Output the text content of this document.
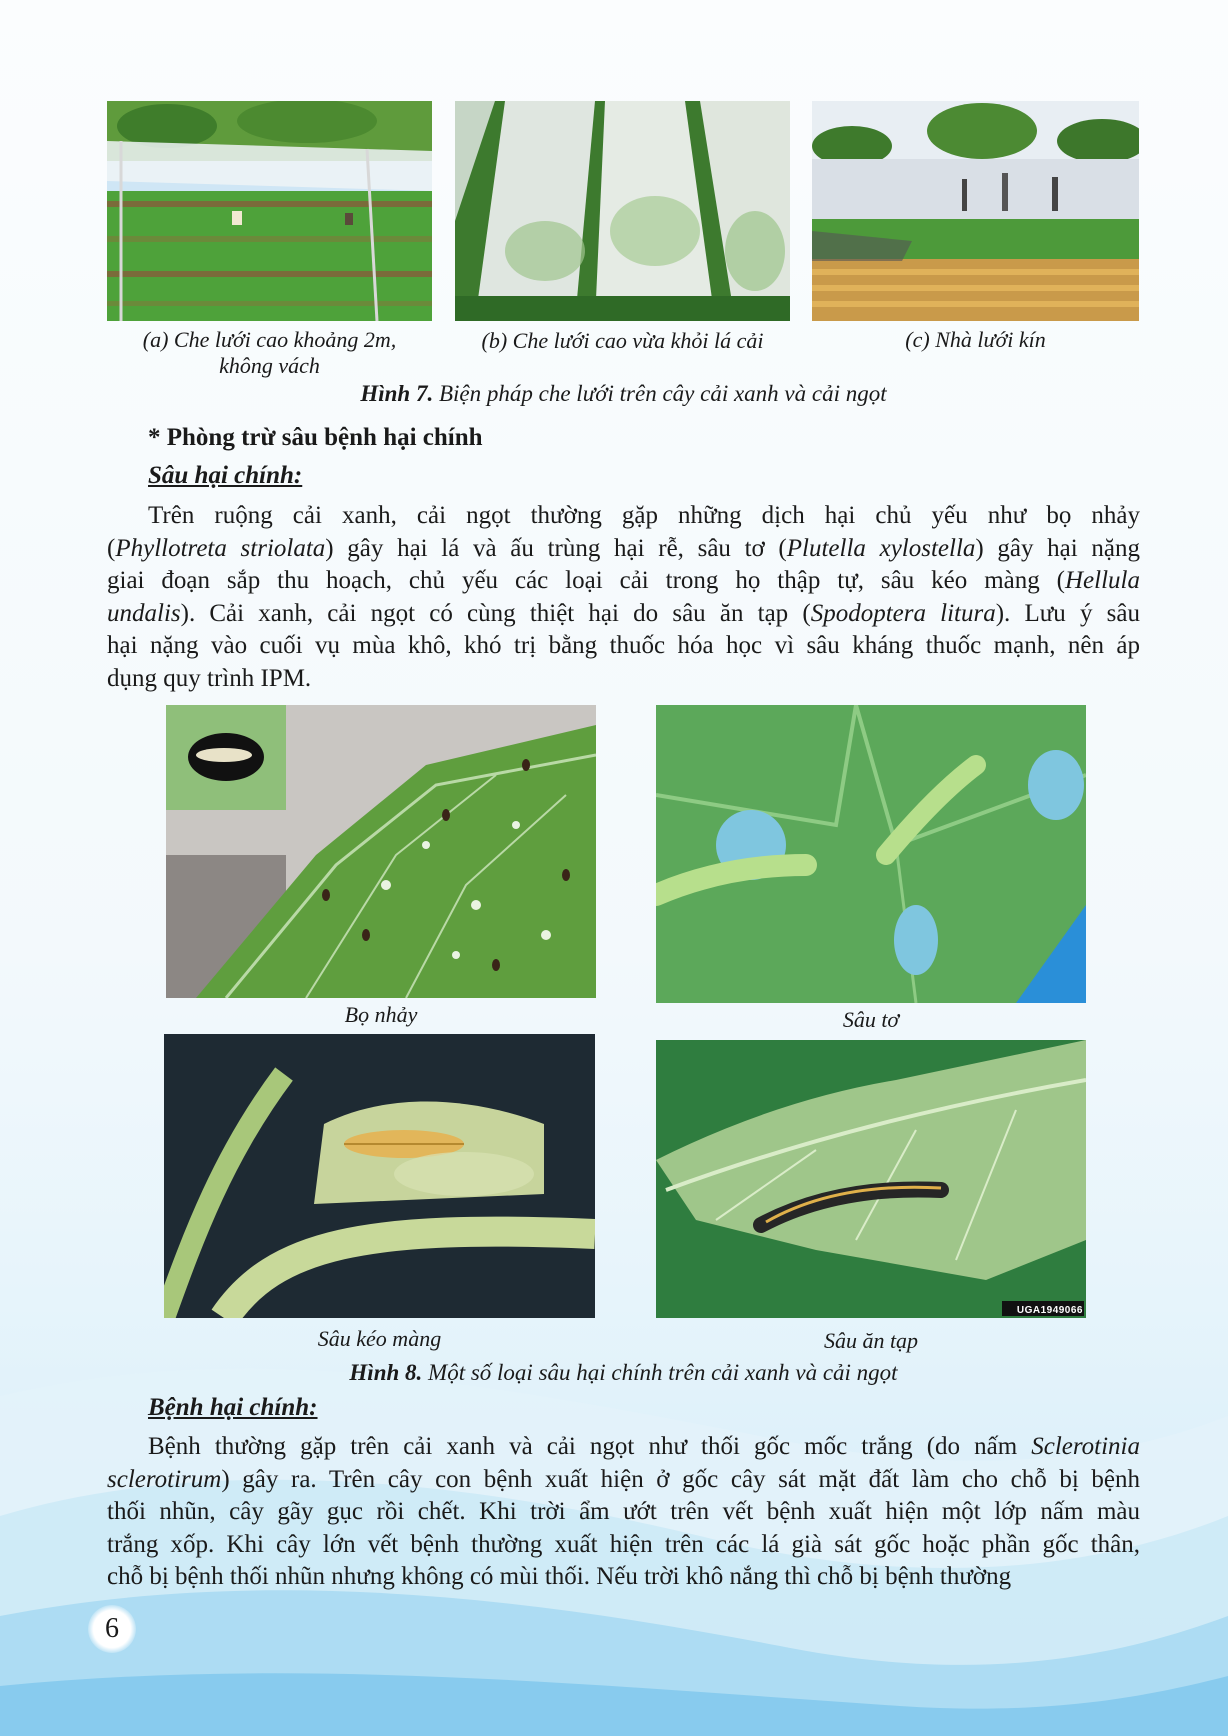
(a) Che lưới cao khoảng 2m,
không vách
(b) Che lưới cao vừa khỏi lá cải	(c) Nhà lưới kín
Hình 7. Biện pháp che lưới trên cây cải xanh và cải ngọt
* Phòng trừ sâu bệnh hại chính
Sâu hại chính:
Trên ruộng cải xanh, cải ngọt thường gặp những dịch hại chủ yếu như bọ nhảy
(Phyllotreta striolata) gây hại lá và ấu trùng hại rễ, sâu tơ (Plutella xylostella) gây hại nặng
giai đoạn sắp thu hoạch, chủ yếu các loại cải trong họ thập tự, sâu kéo màng (Hellula
undalis). Cải xanh, cải ngọt có cùng thiệt hại do sâu ăn tạp (Spodoptera litura). Lưu ý sâu
hại nặng vào cuối vụ mùa khô, khó trị bằng thuốc hóa học vì sâu kháng thuốc mạnh, nên áp
dụng quy trình IPM.
UGA1949066
Bọ nhảy	Sâu tơ
Sâu kéo màng	Sâu ăn tạp
Hình 8. Một số loại sâu hại chính trên cải xanh và cải ngọt
Bệnh hại chính:
Bệnh thường gặp trên cải xanh và cải ngọt như thối gốc mốc trắng (do nấm Sclerotinia
sclerotirum) gây ra. Trên cây con bệnh xuất hiện ở gốc cây sát mặt đất làm cho chỗ bị bệnh
thối nhũn, cây gãy gục rồi chết. Khi trời ẩm ướt trên vết bệnh xuất hiện một lớp nấm màu
trắng xốp. Khi cây lớn vết bệnh thường xuất hiện trên các lá già sát gốc hoặc phần gốc thân,
chỗ bị bệnh thối nhũn nhưng không có mùi thối. Nếu trời khô nắng thì chỗ bị bệnh thường
6
